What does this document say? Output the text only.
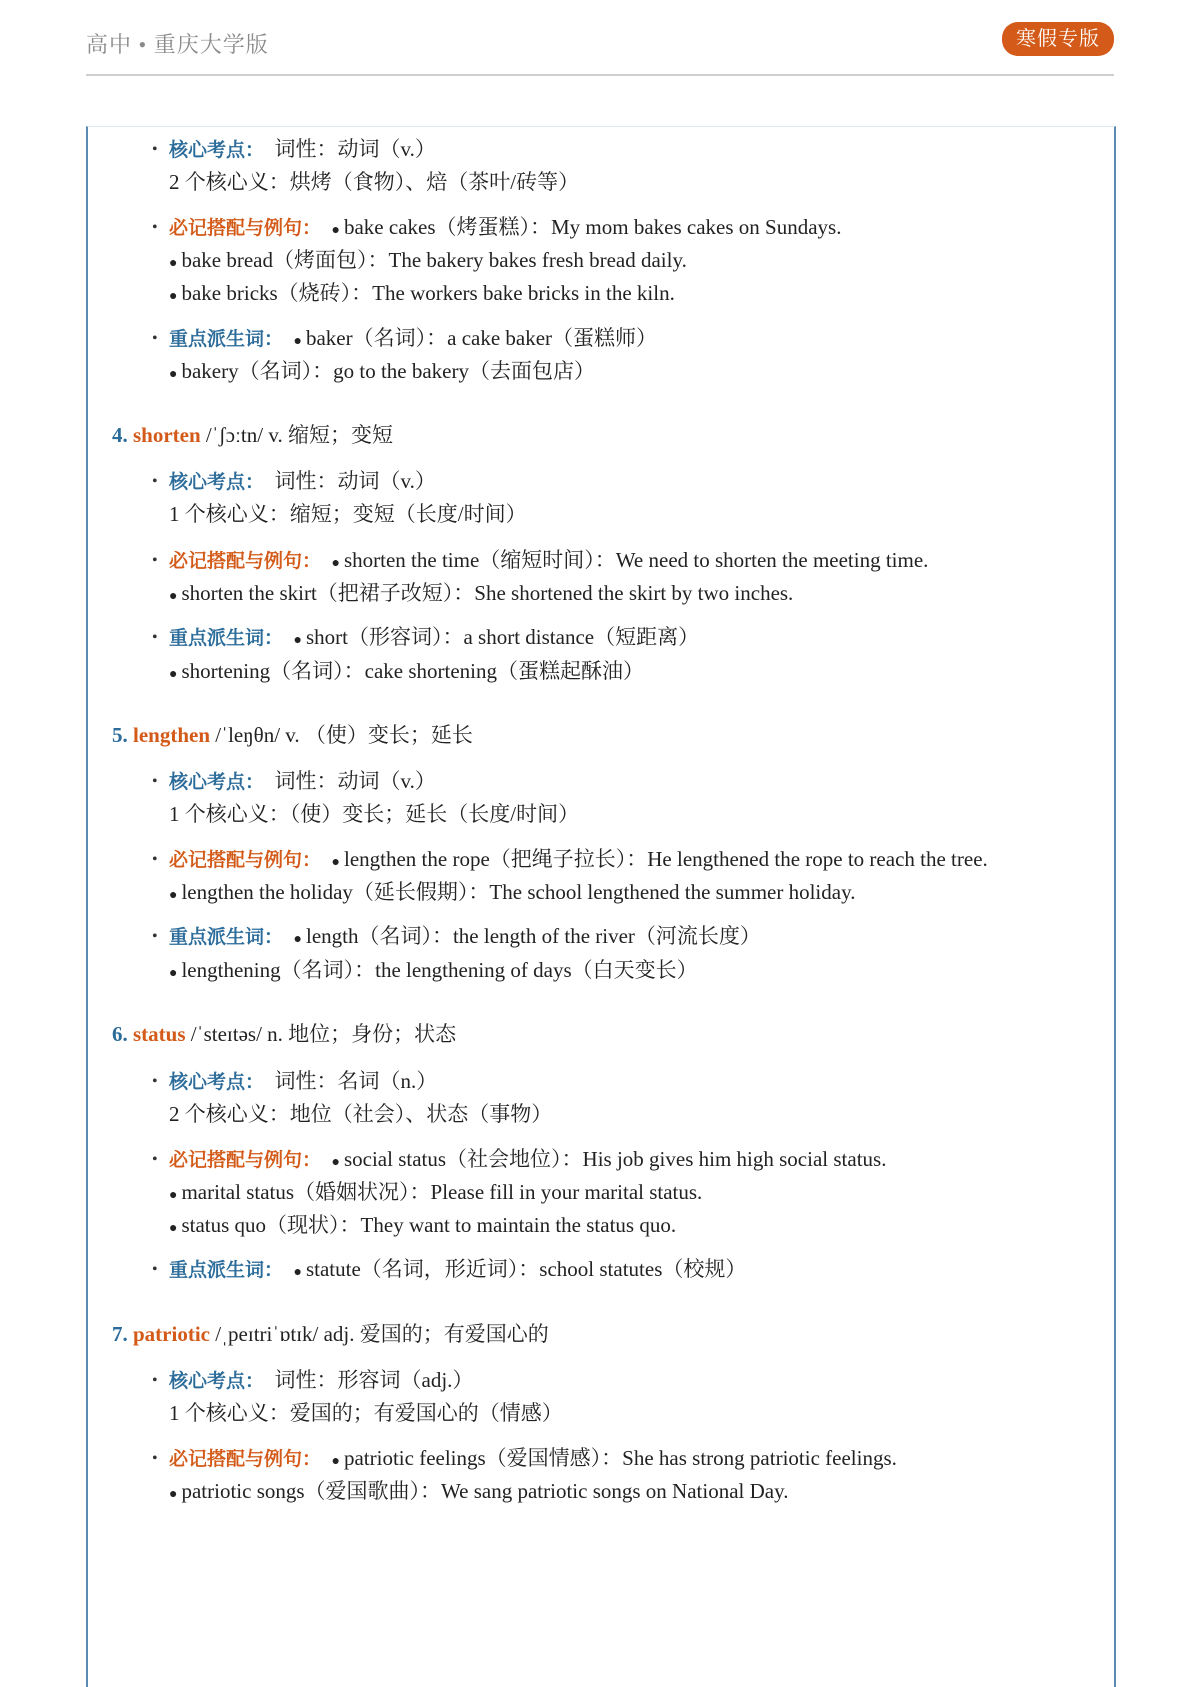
高中 • 重庆大学版	寒假专版
• 核心考点： 词性：动词（v.）
2 个核心义：烘烤（食物）、焙（茶叶/砖等）
• 必记搭配与例句： ● bake cakes（烤蛋糕）：My mom bakes cakes on Sundays.
● bake bread（烤面包）：The bakery bakes fresh bread daily.
● bake bricks（烧砖）：The workers bake bricks in the kiln.
• 重点派生词： ● baker（名词）：a cake baker（蛋糕师）
● bakery（名词）：go to the bakery（去面包店）
4. shorten /ˈʃɔːtn/ v. 缩短；变短
• 核心考点： 词性：动词（v.）
1 个核心义：缩短；变短（长度/时间）
• 必记搭配与例句： ● shorten the time（缩短时间）：We need to shorten the meeting time.
● shorten the skirt（把裙子改短）：She shortened the skirt by two inches.
• 重点派生词： ● short（形容词）：a short distance（短距离）
● shortening（名词）：cake shortening（蛋糕起酥油）
5. lengthen /ˈleŋθn/ v. （使）变长；延长
• 核心考点： 词性：动词（v.）
1 个核心义：（使）变长；延长（长度/时间）
• 必记搭配与例句： ● lengthen the rope（把绳子拉长）：He lengthened the rope to reach the tree.
● lengthen the holiday（延长假期）：The school lengthened the summer holiday.
• 重点派生词： ● length（名词）：the length of the river（河流长度）
● lengthening（名词）：the lengthening of days（白天变长）
6. status /ˈsteɪtəs/ n. 地位；身份；状态
• 核心考点： 词性：名词（n.）
2 个核心义：地位（社会）、状态（事物）
• 必记搭配与例句： ● social status（社会地位）：His job gives him high social status.
● marital status（婚姻状况）：Please fill in your marital status.
● status quo（现状）：They want to maintain the status quo.
• 重点派生词： ● statute（名词，形近词）：school statutes（校规）
7. patriotic /ˌpeɪtriˈɒtɪk/ adj. 爱国的；有爱国心的
• 核心考点： 词性：形容词（adj.）
1 个核心义：爱国的；有爱国心的（情感）
• 必记搭配与例句： ● patriotic feelings（爱国情感）：She has strong patriotic feelings.
● patriotic songs（爱国歌曲）：We sang patriotic songs on National Day.
